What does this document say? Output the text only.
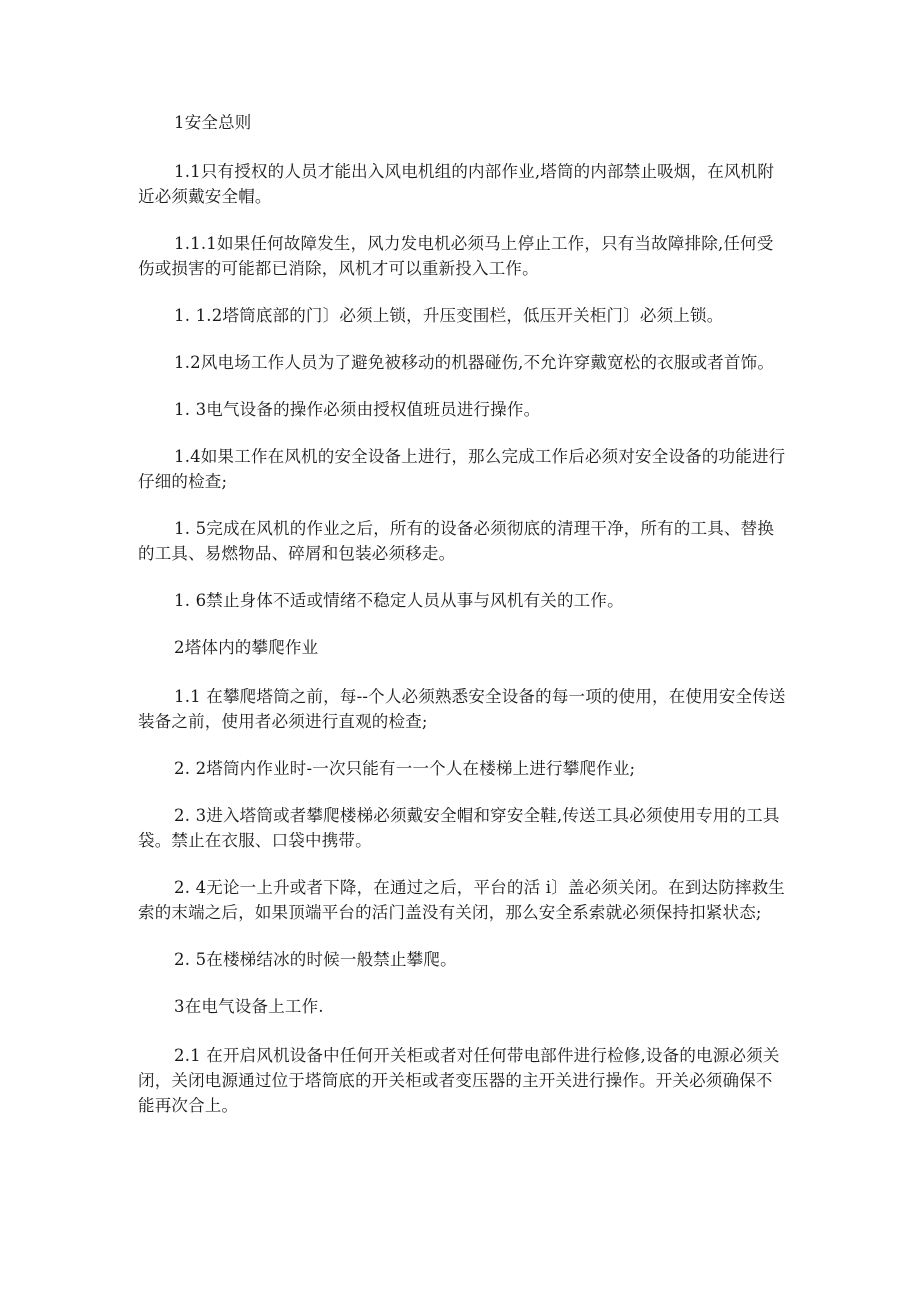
1安全总则

1.1只有授权的人员才能出入风电机组的内部作业,塔筒的内部禁止吸烟，在风机附近必须戴安全帽。

1.1.1如果任何故障发生，风力发电机必须马上停止工作，只有当故障排除,任何受伤或损害的可能都已消除，风机才可以重新投入工作。

1. 1.2塔筒底部的门〕必须上锁，升压变围栏，低压开关柜门〕必须上锁。

1.2风电场工作人员为了避免被移动的机器碰伤,不允许穿戴宽松的衣服或者首饰。

1. 3电气设备的操作必须由授权值班员进行操作。

1.4如果工作在风机的安全设备上进行，那么完成工作后必须对安全设备的功能进行仔细的检查;

1. 5完成在风机的作业之后，所有的设备必须彻底的清理干净，所有的工具、替换的工具、易燃物品、碎屑和包装必须移走。

1. 6禁止身体不适或情绪不稳定人员从事与风机有关的工作。

2塔体内的攀爬作业

1.1 在攀爬塔筒之前，每--个人必须熟悉安全设备的每一项的使用，在使用安全传送装备之前，使用者必须进行直观的检查;

2. 2塔筒内作业时-一次只能有一一个人在楼梯上进行攀爬作业;

2. 3进入塔筒或者攀爬楼梯必须戴安全帽和穿安全鞋,传送工具必须使用专用的工具袋。禁止在衣服、口袋中携带。

2. 4无论一上升或者下降，在通过之后，平台的活 i〕盖必须关闭。在到达防摔救生索的末端之后，如果顶端平台的活门盖没有关闭，那么安全系索就必须保持扣紧状态;

2. 5在楼梯结冰的时候一般禁止攀爬。

3在电气设备上工作.

2.1 在开启风机设备中任何开关柜或者对任何带电部件进行检修,设备的电源必须关闭，关闭电源通过位于塔筒底的开关柜或者变压器的主开关进行操作。开关必须确保不能再次合上。
